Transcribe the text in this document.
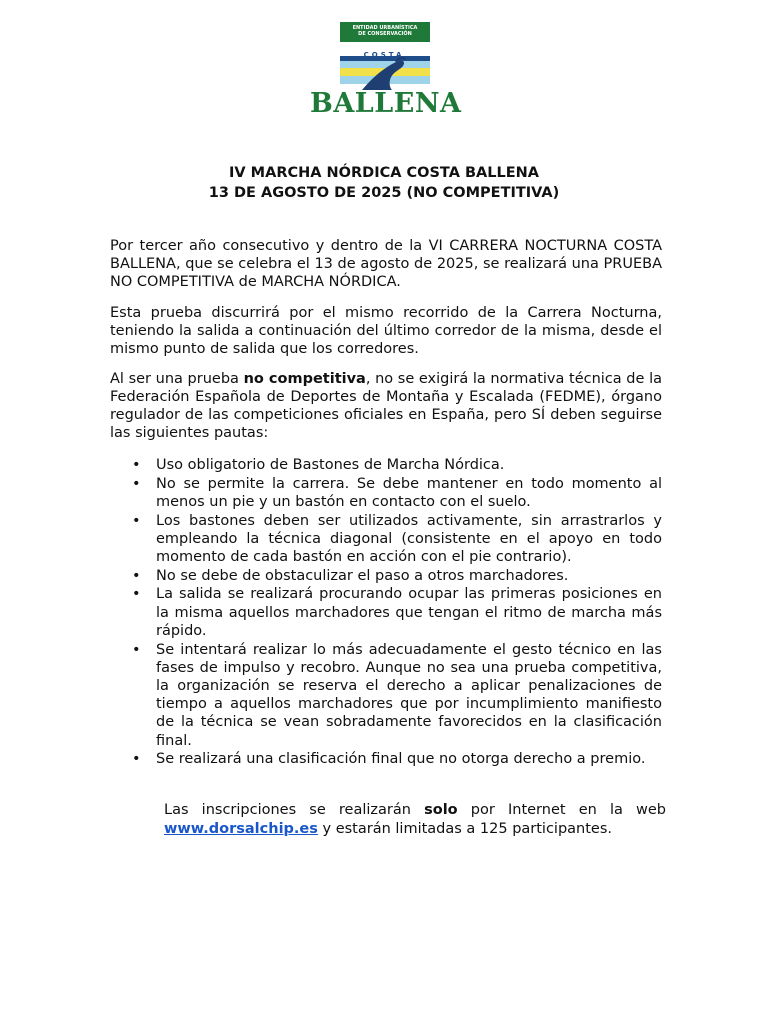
ENTIDAD URBANÍSTICA
DE CONSERVACIÓN
COSTA
BALLENA
IV MARCHA NÓRDICA COSTA BALLENA
13 DE AGOSTO DE 2025 (NO COMPETITIVA)

Por tercer año consecutivo y dentro de la VI CARRERA NOCTURNA COSTA BALLENA, que se celebra el 13 de agosto de 2025, se realizará una PRUEBA NO COMPETITIVA de MARCHA NÓRDICA.

Esta prueba discurrirá por el mismo recorrido de la Carrera Nocturna, teniendo la salida a continuación del último corredor de la misma, desde el mismo punto de salida que los corredores.

Al ser una prueba no competitiva, no se exigirá la normativa técnica de la Federación Española de Deportes de Montaña y Escalada (FEDME), órgano regulador de las competiciones oficiales en España, pero SÍ deben seguirse las siguientes pautas:

• Uso obligatorio de Bastones de Marcha Nórdica.
• No se permite la carrera. Se debe mantener en todo momento al menos un pie y un bastón en contacto con el suelo.
• Los bastones deben ser utilizados activamente, sin arrastrarlos y empleando la técnica diagonal (consistente en el apoyo en todo momento de cada bastón en acción con el pie contrario).
• No se debe de obstaculizar el paso a otros marchadores.
• La salida se realizará procurando ocupar las primeras posiciones en la misma aquellos marchadores que tengan el ritmo de marcha más rápido.
• Se intentará realizar lo más adecuadamente el gesto técnico en las fases de impulso y recobro. Aunque no sea una prueba competitiva, la organización se reserva el derecho a aplicar penalizaciones de tiempo a aquellos marchadores que por incumplimiento manifiesto de la técnica se vean sobradamente favorecidos en la clasificación final.
• Se realizará una clasificación final que no otorga derecho a premio.

Las inscripciones se realizarán solo por Internet en la web www.dorsalchip.es y estarán limitadas a 125 participantes.
